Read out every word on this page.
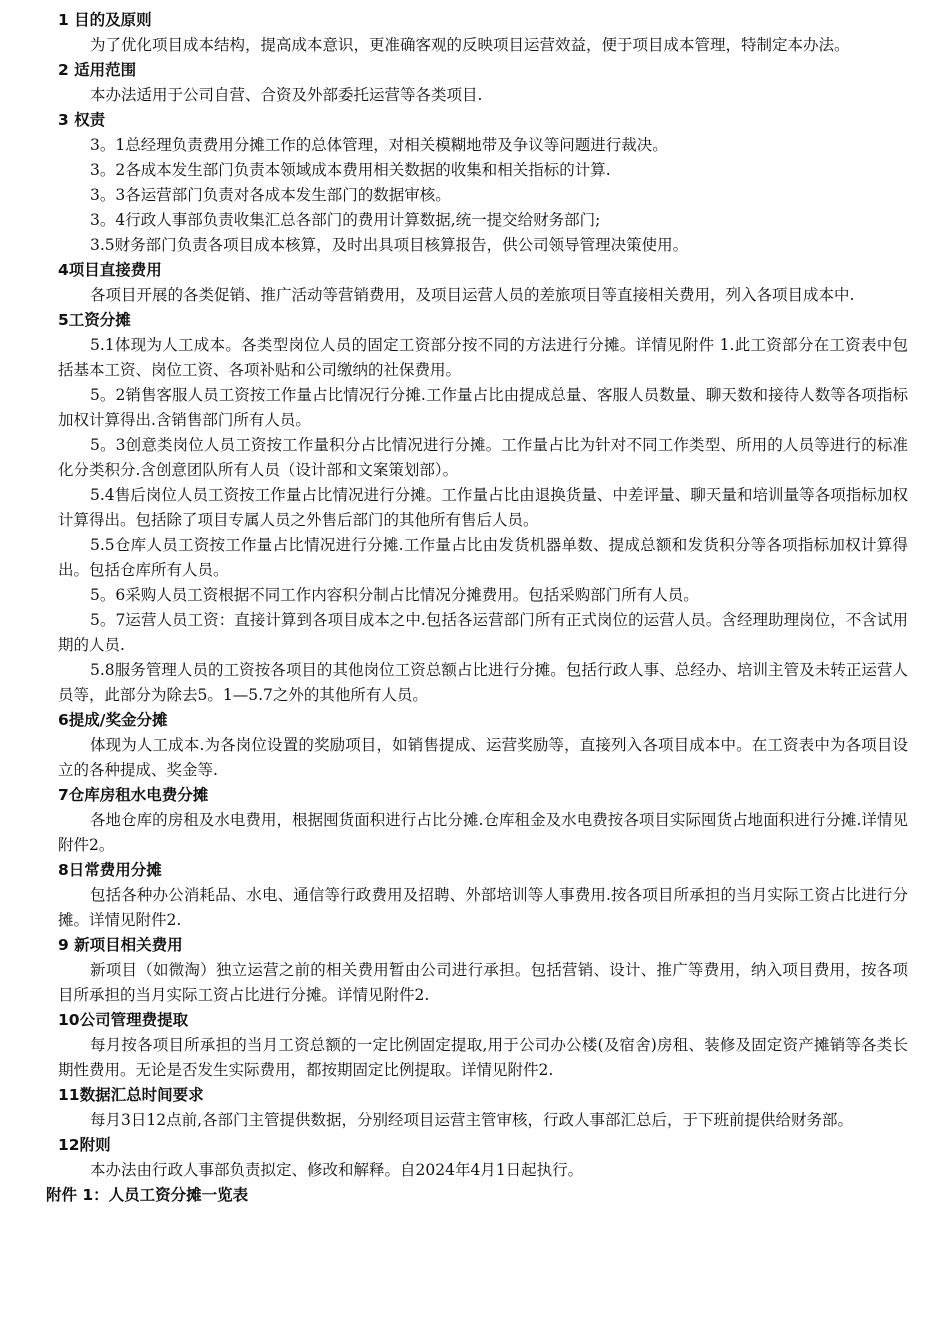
1 目的及原则
为了优化项目成本结构，提高成本意识，更准确客观的反映项目运营效益，便于项目成本管理，特制定本办法。
2 适用范围
本办法适用于公司自营、合资及外部委托运营等各类项目.
3 权责
3。1总经理负责费用分摊工作的总体管理，对相关模糊地带及争议等问题进行裁决。
3。2各成本发生部门负责本领域成本费用相关数据的收集和相关指标的计算.
3。3各运营部门负责对各成本发生部门的数据审核。
3。4行政人事部负责收集汇总各部门的费用计算数据,统一提交给财务部门;
3.5财务部门负责各项目成本核算，及时出具项目核算报告，供公司领导管理决策使用。
4项目直接费用
各项目开展的各类促销、推广活动等营销费用，及项目运营人员的差旅项目等直接相关费用，列入各项目成本中.
5工资分摊
5.1体现为人工成本。各类型岗位人员的固定工资部分按不同的方法进行分摊。详情见附件 1.此工资部分在工资表中包括基本工资、岗位工资、各项补贴和公司缴纳的社保费用。
5。2销售客服人员工资按工作量占比情况行分摊.工作量占比由提成总量、客服人员数量、聊天数和接待人数等各项指标加权计算得出.含销售部门所有人员。
5。3创意类岗位人员工资按工作量积分占比情况进行分摊。工作量占比为针对不同工作类型、所用的人员等进行的标准化分类积分.含创意团队所有人员（设计部和文案策划部）。
5.4售后岗位人员工资按工作量占比情况进行分摊。工作量占比由退换货量、中差评量、聊天量和培训量等各项指标加权计算得出。包括除了项目专属人员之外售后部门的其他所有售后人员。
5.5仓库人员工资按工作量占比情况进行分摊.工作量占比由发货机器单数、提成总额和发货积分等各项指标加权计算得出。包括仓库所有人员。
5。6采购人员工资根据不同工作内容积分制占比情况分摊费用。包括采购部门所有人员。
5。7运营人员工资：直接计算到各项目成本之中.包括各运营部门所有正式岗位的运营人员。含经理助理岗位，不含试用期的人员.
5.8服务管理人员的工资按各项目的其他岗位工资总额占比进行分摊。包括行政人事、总经办、培训主管及未转正运营人员等，此部分为除去5。1—5.7之外的其他所有人员。
6提成/奖金分摊
体现为人工成本.为各岗位设置的奖励项目，如销售提成、运营奖励等，直接列入各项目成本中。在工资表中为各项目设立的各种提成、奖金等.
7仓库房租水电费分摊
各地仓库的房租及水电费用，根据囤货面积进行占比分摊.仓库租金及水电费按各项目实际囤货占地面积进行分摊.详情见附件2。
8日常费用分摊
包括各种办公消耗品、水电、通信等行政费用及招聘、外部培训等人事费用.按各项目所承担的当月实际工资占比进行分摊。详情见附件2.
9 新项目相关费用
新项目（如微淘）独立运营之前的相关费用暂由公司进行承担。包括营销、设计、推广等费用，纳入项目费用，按各项目所承担的当月实际工资占比进行分摊。详情见附件2.
10公司管理费提取
每月按各项目所承担的当月工资总额的一定比例固定提取,用于公司办公楼(及宿舍)房租、装修及固定资产摊销等各类长期性费用。无论是否发生实际费用，都按期固定比例提取。详情见附件2.
11数据汇总时间要求
每月3日12点前,各部门主管提供数据，分别经项目运营主管审核，行政人事部汇总后，于下班前提供给财务部。
12附则
本办法由行政人事部负责拟定、修改和解释。自2024年4月1日起执行。
附件 1：人员工资分摊一览表
